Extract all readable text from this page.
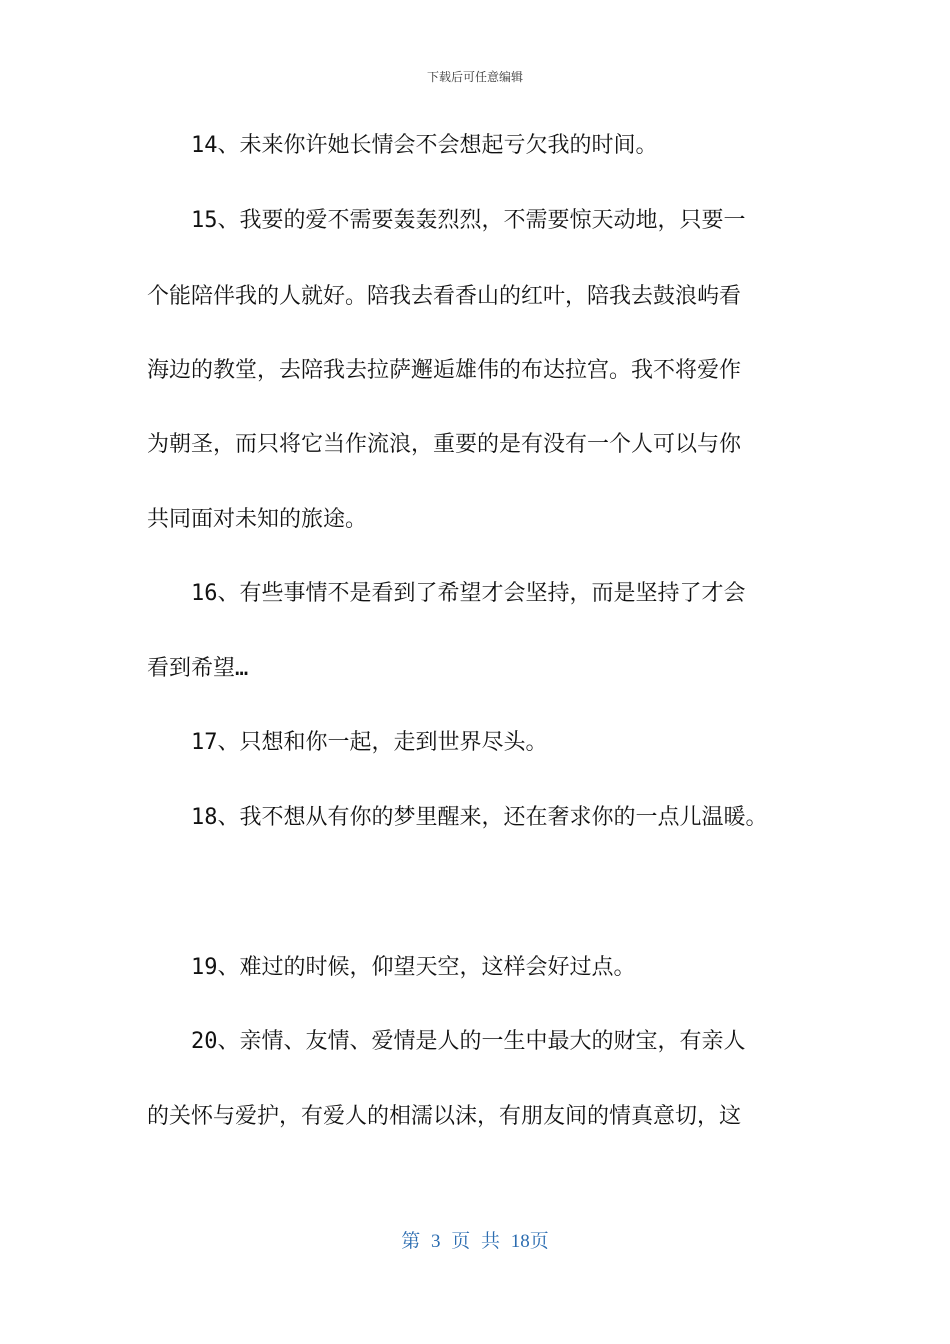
下载后可任意编辑
14、未来你许她长情会不会想起亏欠我的时间。
15、我要的爱不需要轰轰烈烈，不需要惊天动地，只要一
个能陪伴我的人就好。陪我去看香山的红叶，陪我去鼓浪屿看
海边的教堂，去陪我去拉萨邂逅雄伟的布达拉宫。我不将爱作
为朝圣，而只将它当作流浪，重要的是有没有一个人可以与你
共同面对未知的旅途。
16、有些事情不是看到了希望才会坚持，而是坚持了才会
看到希望…
17、只想和你一起，走到世界尽头。
18、我不想从有你的梦里醒来，还在奢求你的一点儿温暖。
19、难过的时候，仰望天空，这样会好过点。
20、亲情、友情、爱情是人的一生中最大的财宝，有亲人
的关怀与爱护，有爱人的相濡以沫，有朋友间的情真意切，这
第 3 页 共 18页
